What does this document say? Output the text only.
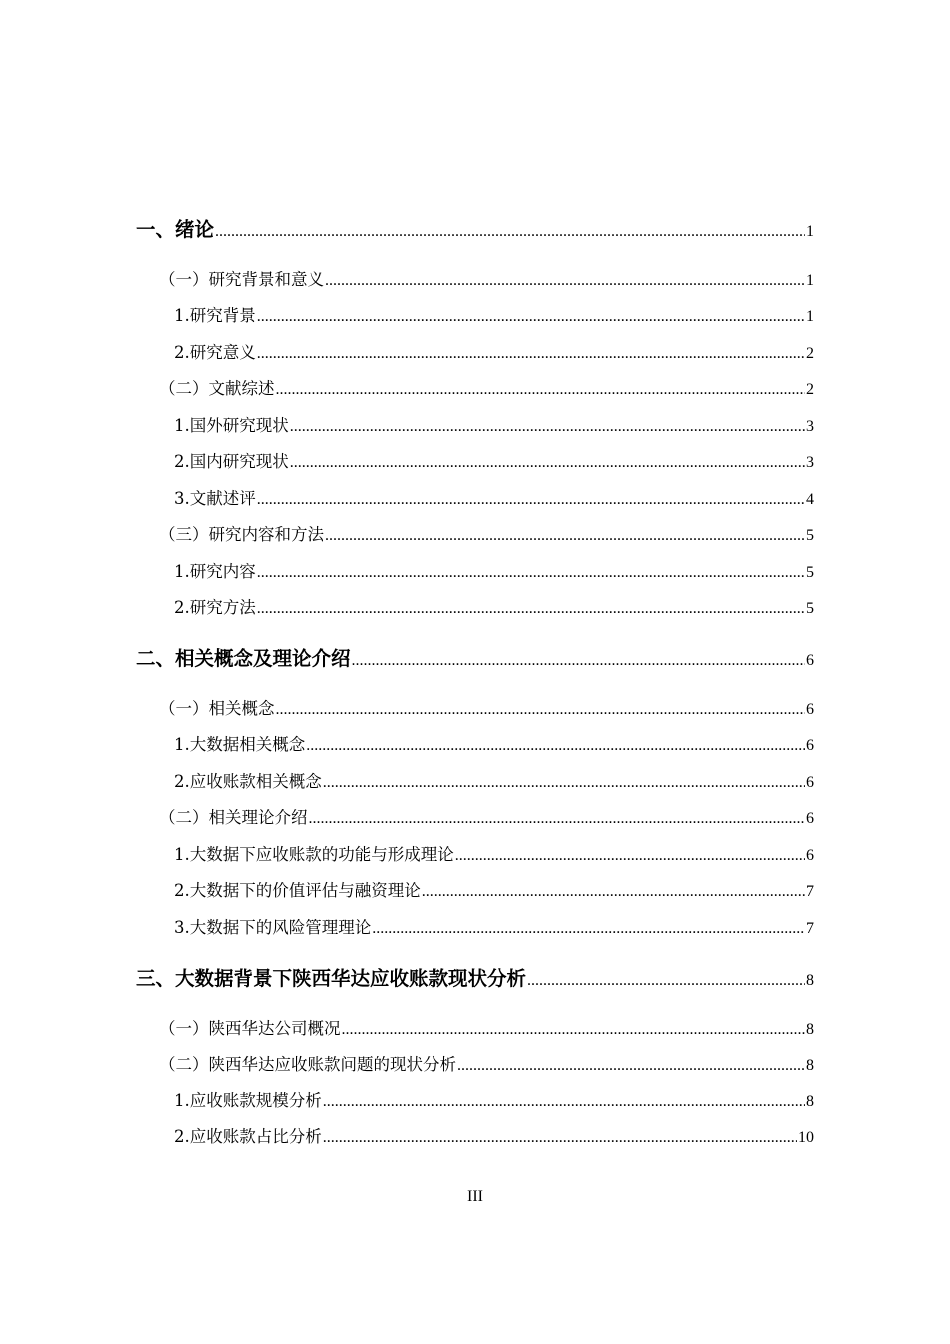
一、绪论 .....	1
（一）研究背景和意义 .....	1
1.研究背景 .....	1
2.研究意义 .....	2
（二）文献综述 .....	2
1.国外研究现状 .....	3
2.国内研究现状 .....	3
3.文献述评 .....	4
（三）研究内容和方法 .....	5
1.研究内容 .....	5
2.研究方法 .....	5
二、相关概念及理论介绍 .....	6
（一）相关概念 .....	6
1.大数据相关概念 .....	6
2.应收账款相关概念 .....	6
（二）相关理论介绍 .....	6
1.大数据下应收账款的功能与形成理论 .....	6
2.大数据下的价值评估与融资理论 .....	7
3.大数据下的风险管理理论 .....	7
三、大数据背景下陕西华达应收账款现状分析 .....	8
（一）陕西华达公司概况 .....	8
（二）陕西华达应收账款问题的现状分析 .....	8
1.应收账款规模分析 .....	8
2.应收账款占比分析 .....	10
III
